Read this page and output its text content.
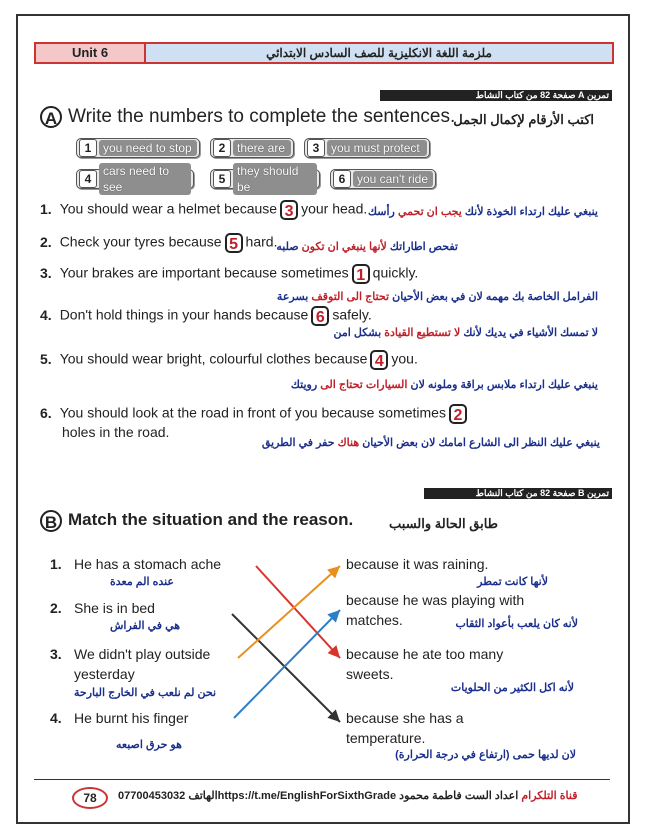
Unit 6	ملزمة اللغة الانكليزية للصف السادس الابتدائي
تمرين A صفحة 82 من كتاب النشاط
A Write the numbers to complete the sentences.
اكتب الأرقام لإكمال الجمل
1 you need to stop	2 there are	3 you must protect
4
cars need to see
5
they should be
6 you can't ride
1. You should wear a helmet because 3 your head.	ينبغي عليك ارتداء الخوذة لأنك يجب ان تحمي رأسك
2. Check your tyres because 5 hard.	تفحص اطاراتك لأنها ينبغي ان تكون صلبه
3. Your brakes are important because sometimes 1 quickly.
الفرامل الخاصة بك مهمه لان في بعض الأحيان تحتاج الى التوقف بسرعة
4. Don't hold things in your hands because 6 safely.
لا تمسك الأشياء في يديك لأنك لا تستطيع القيادة بشكل امن
5. You should wear bright, colourful clothes because 4 you.
ينبغي عليك ارتداء ملابس براقة وملونه لان السيارات تحتاج الى رويتك
6. You should look at the road in front of you because sometimes 2
holes in the road.
ينبغي عليك النظر الى الشارع امامك لان بعض الأحيان هناك حفر في الطريق
تمرين B صفحة 82 من كتاب النشاط
B Match the situation and the reason.	طابق الحالة والسبب
1. He has a stomach ache
عنده الم معدة
2. She is in bed
هي في الفراش
3. We didn't play outside
yesterday
نحن لم نلعب في الخارج البارحة
4. He burnt his finger
هو حرق اصبعه
because it was raining.
لأنها كانت تمطر
because he was playing with
matches.	لأنه كان يلعب بأعواد الثقاب
because he ate too many
sweets.
لأنه اكل الكثير من الحلويات
because she has a
temperature.
لان لديها حمى (ارتفاع في درجة الحرارة)
78	الهاتف 07700453032	https://t.me/EnglishForSixthGrade	قناة التلكرام اعداد الست فاطمة محمود
